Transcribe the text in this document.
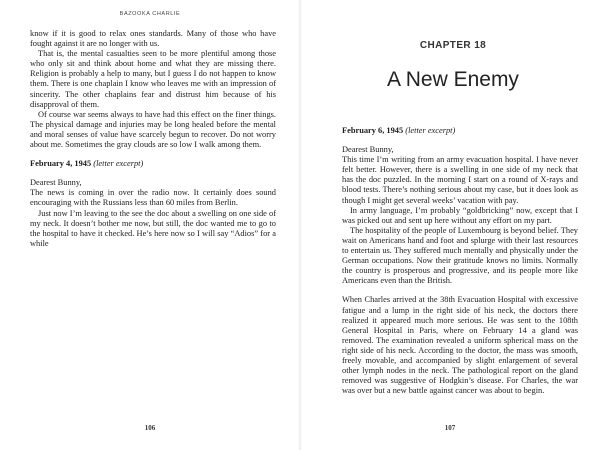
BAZOOKA CHARLIE

know if it is good to relax ones standards. Many of those who have fought against it are no longer with us.

That is, the mental casualties seen to be more plentiful among those who only sit and think about home and what they are missing there. Religion is probably a help to many, but I guess I do not happen to know them. There is one chaplain I know who leaves me with an impression of sincerity. The other chaplains fear and distrust him because of his disapproval of them.

Of course war seems always to have had this effect on the finer things. The physical damage and injuries may be long healed before the mental and moral senses of value have scarcely begun to recover. Do not worry about me. Sometimes the gray clouds are so low I walk among them.

February 4, 1945 (letter excerpt)

Dearest Bunny,

The news is coming in over the radio now. It certainly does sound encouraging with the Russians less than 60 miles from Berlin.

Just now I’m leaving to the see the doc about a swelling on one side of my neck. It doesn’t bother me now, but still, the doc wanted me to go to the hospital to have it checked. He’s here now so I will say “Adios” for a while

106
CHAPTER 18
A New Enemy

February 6, 1945 (letter excerpt)

Dearest Bunny,

This time I’m writing from an army evacuation hospital. I have never felt better. However, there is a swelling in one side of my neck that has the doc puzzled. In the morning I start on a round of X-rays and blood tests. There’s nothing serious about my case, but it does look as though I might get several weeks’ vacation with pay.

In army language, I’m probably “goldbricking” now, except that I was picked out and sent up here without any effort on my part.

The hospitality of the people of Luxembourg is beyond belief. They wait on Americans hand and foot and splurge with their last resources to entertain us. They suffered much mentally and physically under the German occupations. Now their gratitude knows no limits. Normally the country is prosperous and progressive, and its people more like Americans even than the British.

When Charles arrived at the 38th Evacuation Hospital with excessive fatigue and a lump in the right side of his neck, the doctors there realized it appeared much more serious. He was sent to the 108th General Hospital in Paris, where on February 14 a gland was removed. The examination revealed a uniform spherical mass on the right side of his neck. According to the doctor, the mass was smooth, freely movable, and accompanied by slight enlargement of several other lymph nodes in the neck. The pathological report on the gland removed was suggestive of Hodgkin’s disease. For Charles, the war was over but a new battle against cancer was about to begin.

107
